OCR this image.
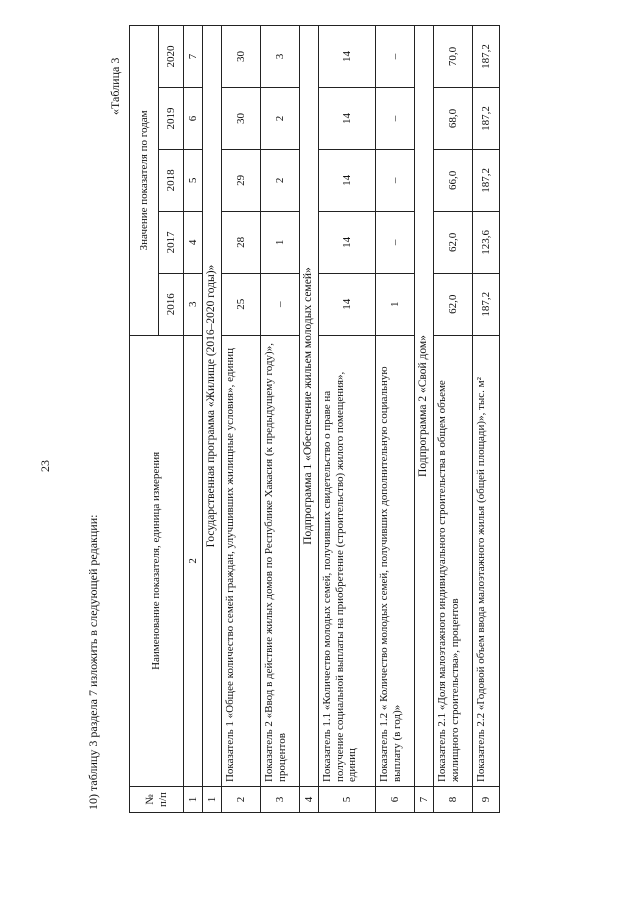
23
10) таблицу 3 раздела 7 изложить в следующей редакции:
«Таблица 3
№ п/п	Наименование показателя, единица измерения	Значение показателя по годам				
		2016	2017	2018	2019	2020
1	2	3	4	5	6	7
1	Государственная программа «Жилище (2016–2020 годы)»					
2	Показатель 1 «Общее количество семей граждан, улучшивших жилищные условия», единиц	25	28	29	30	30
3	Показатель 2 «Ввод в действие жилых домов по Республике Хакасия (к предыдущему году)», процентов	–	1	2	2	3
4	Подпрограмма 1 «Обеспечение жильем молодых семей»					
5	Показатель 1.1 «Количество молодых семей, получивших свидетельство о праве на получение социальной выплаты на приобретение (строительство) жилого помещения», единиц	14	14	14	14	14
6	Показатель 1.2 « Количество молодых семей, получивших дополнительную социальную выплату (в год)»	1	–	–	–	–
7	Подпрограмма 2 «Свой дом»					
8	Показатель 2.1 «Доля малоэтажного индивидуального строительства в общем объеме жилищного строительства», процентов	62,0	62,0	66,0	68,0	70,0
9	Показатель 2.2 «Годовой объем ввода малоэтажного жилья (общей площади)», тыс. м²	187,2	123,6	187,2	187,2	187,2
